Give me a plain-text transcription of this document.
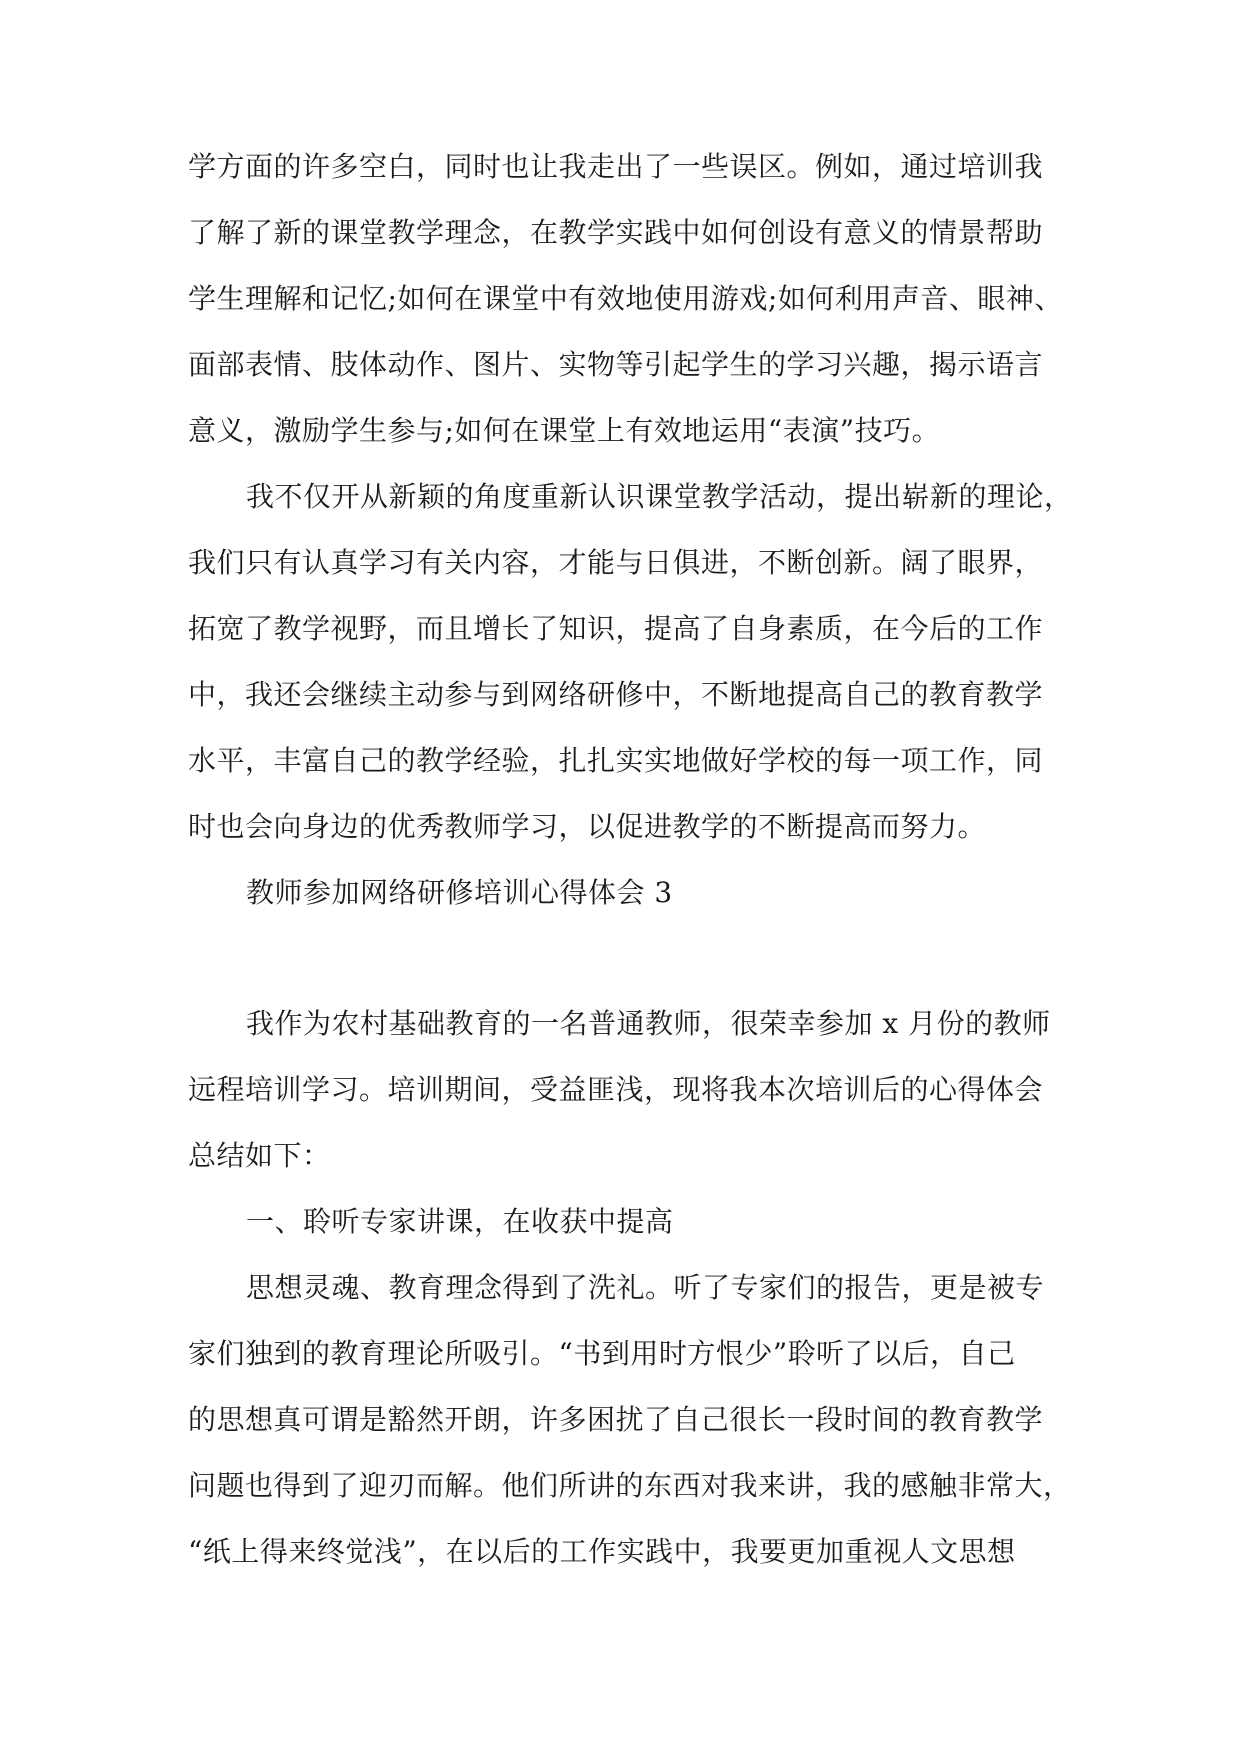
学方面的许多空白，同时也让我走出了一些误区。例如，通过培训我
了解了新的课堂教学理念，在教学实践中如何创设有意义的情景帮助
学生理解和记忆;如何在课堂中有效地使用游戏;如何利用声音、眼神、
面部表情、肢体动作、图片、实物等引起学生的学习兴趣，揭示语言
意义，激励学生参与;如何在课堂上有效地运用“表演”技巧。
我不仅开从新颖的角度重新认识课堂教学活动，提出崭新的理论，
我们只有认真学习有关内容，才能与日俱进，不断创新。阔了眼界，
拓宽了教学视野，而且增长了知识，提高了自身素质，在今后的工作
中，我还会继续主动参与到网络研修中，不断地提高自己的教育教学
水平，丰富自己的教学经验，扎扎实实地做好学校的每一项工作，同
时也会向身边的优秀教师学习，以促进教学的不断提高而努力。
教师参加网络研修培训心得体会 3
我作为农村基础教育的一名普通教师，很荣幸参加 x 月份的教师
远程培训学习。培训期间，受益匪浅，现将我本次培训后的心得体会
总结如下：
一、聆听专家讲课，在收获中提高
思想灵魂、教育理念得到了洗礼。听了专家们的报告，更是被专
家们独到的教育理论所吸引。“书到用时方恨少”聆听了以后，自己
的思想真可谓是豁然开朗，许多困扰了自己很长一段时间的教育教学
问题也得到了迎刃而解。他们所讲的东西对我来讲，我的感触非常大，
“纸上得来终觉浅”，在以后的工作实践中，我要更加重视人文思想
